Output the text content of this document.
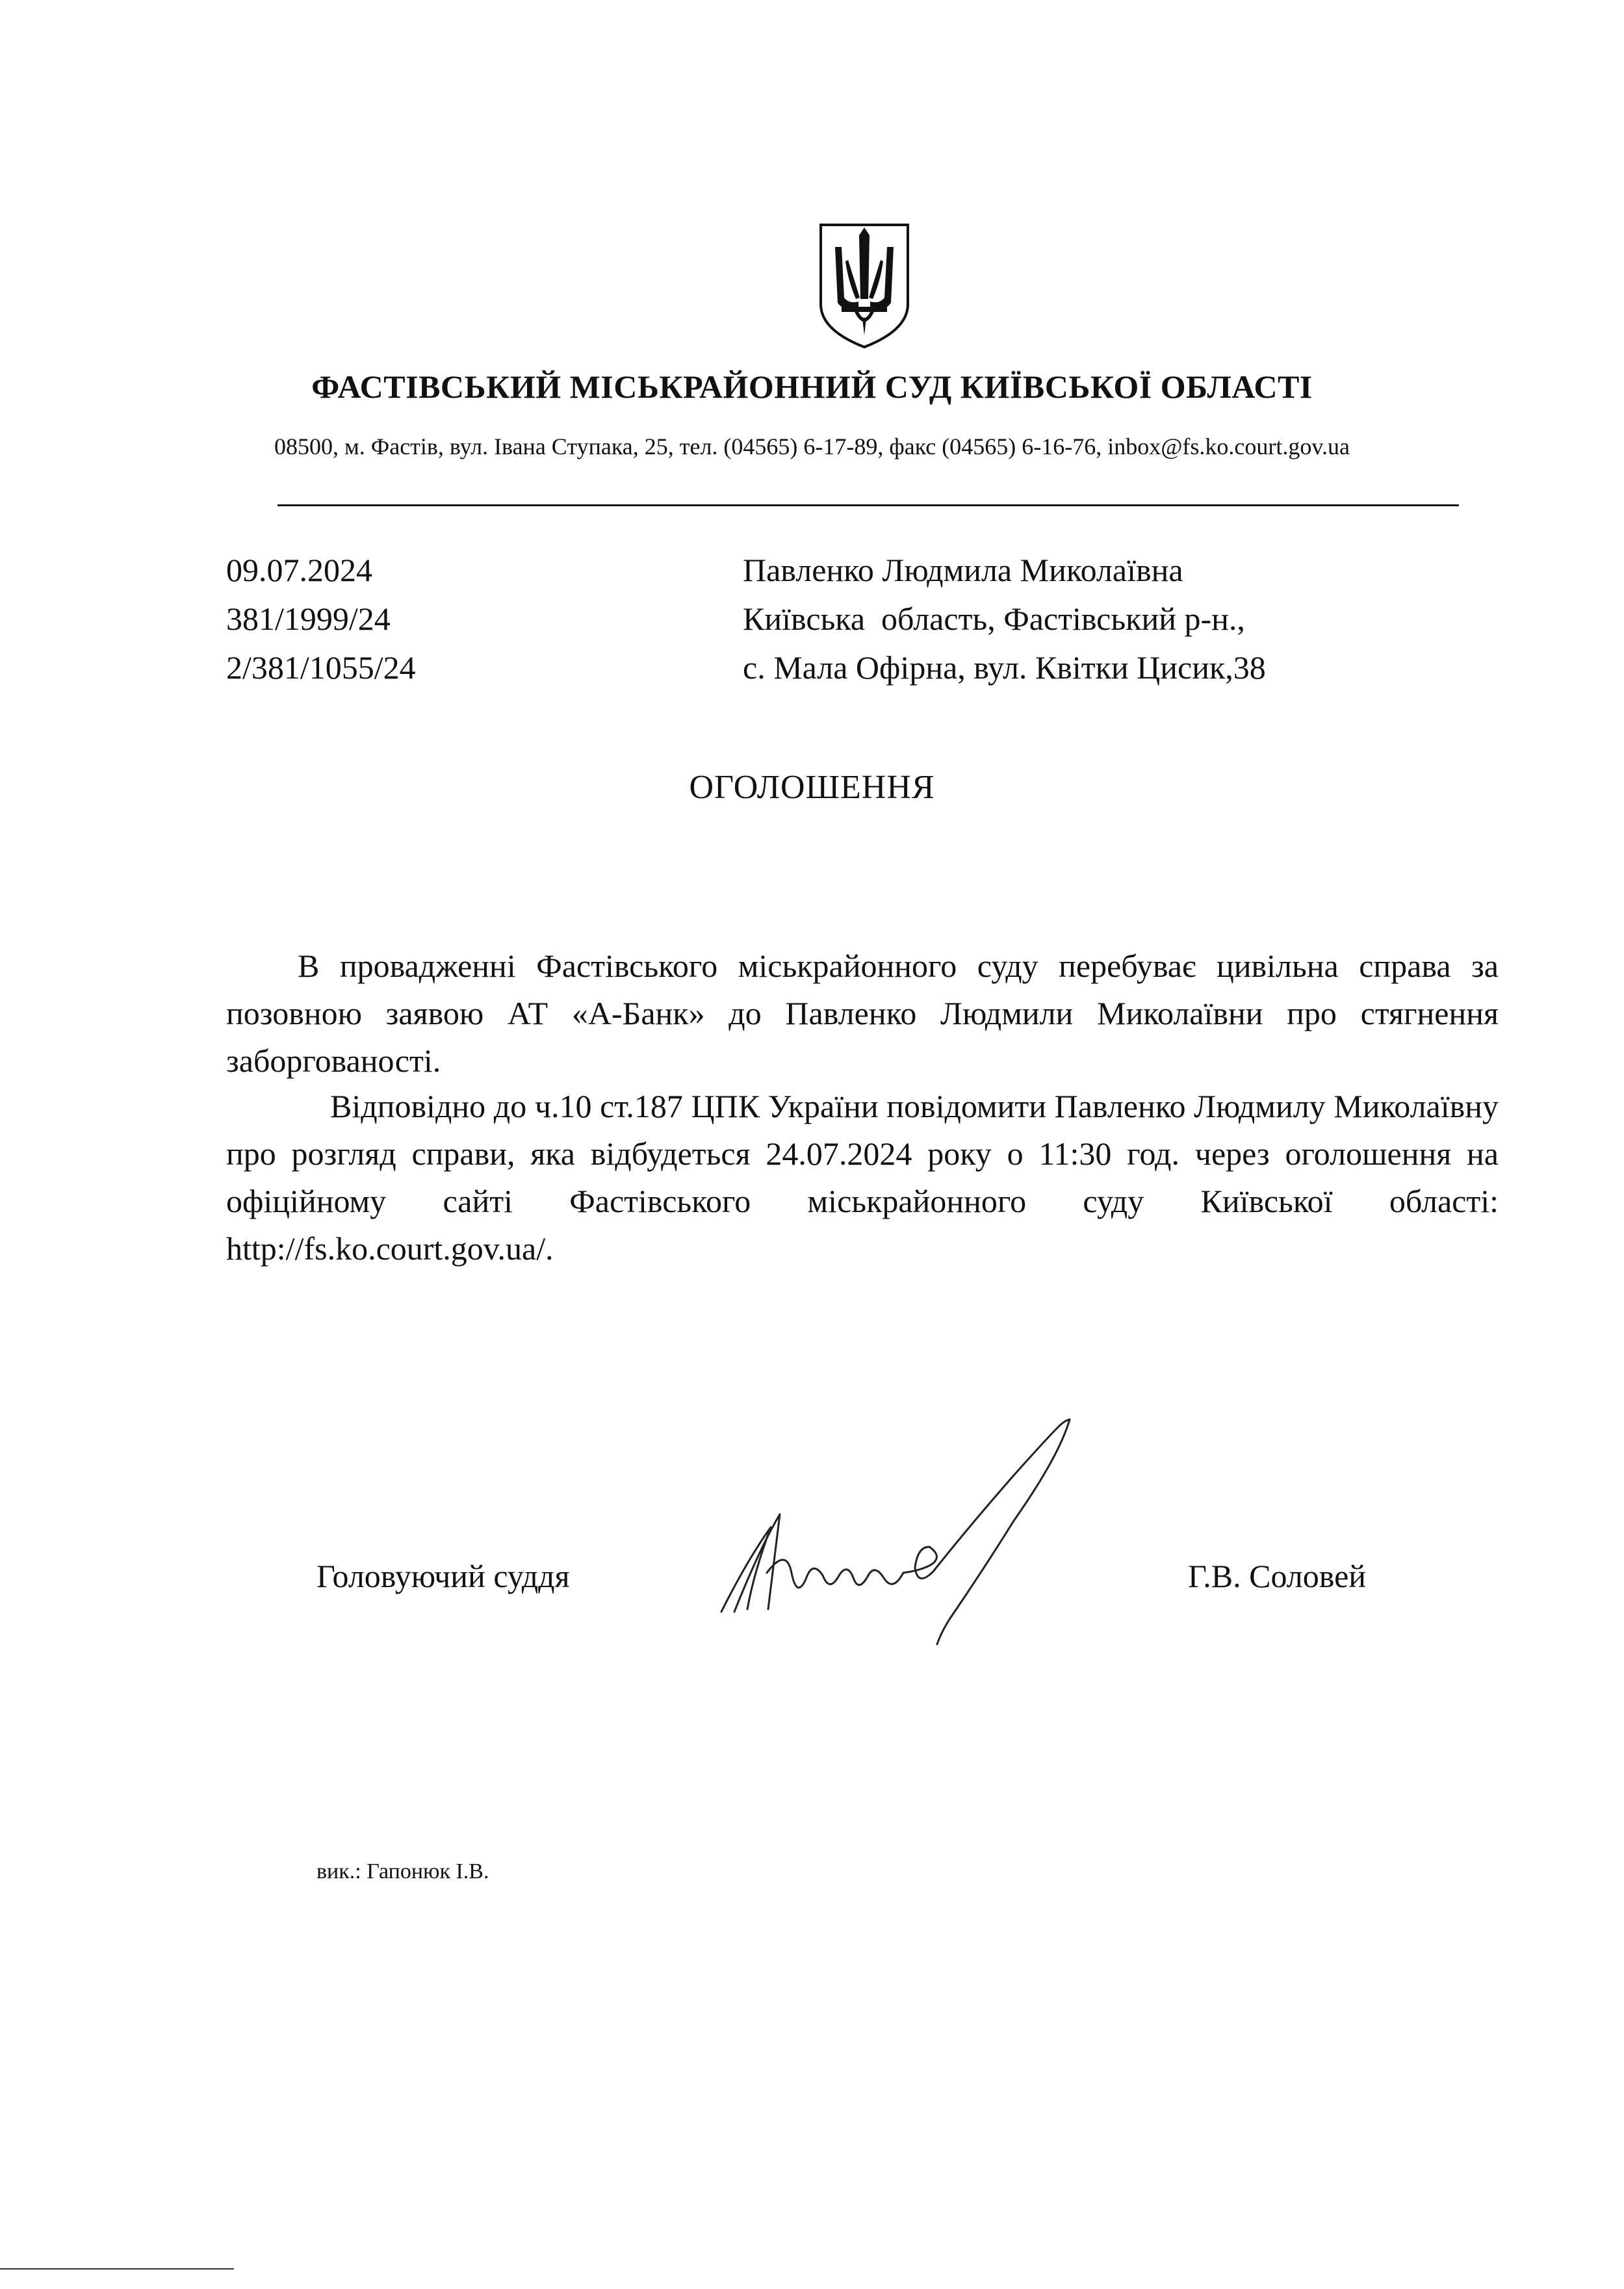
ФАСТІВСЬКИЙ МІСЬКРАЙОННИЙ СУД КИЇВСЬКОЇ ОБЛАСТІ
08500, м. Фастів, вул. Івана Ступака, 25, тел. (04565) 6-17-89, факс (04565) 6-16-76, inbox@fs.ko.court.gov.ua
09.07.2024
381/1999/24
2/381/1055/24
Павленко Людмила Миколаївна
Київська  область, Фастівський р-н.,
с. Мала Офірна, вул. Квітки Цисик,38
ОГОЛОШЕННЯ
В провадженні Фастівського міськрайонного суду перебуває цивільна справа за позовною заявою АТ «А-Банк» до Павленко Людмили Миколаївни про стягнення заборгованості.
Відповідно до ч.10 ст.187 ЦПК України повідомити Павленко Людмилу Миколаївну про розгляд справи, яка відбудеться 24.07.2024 року о 11:30 год. через оголошення на офіційному сайті Фастівського міськрайонного суду Київської області: http://fs.ko.court.gov.ua/.
Головуючий суддя	Г.В. Соловей
вик.: Гапонюк І.В.
